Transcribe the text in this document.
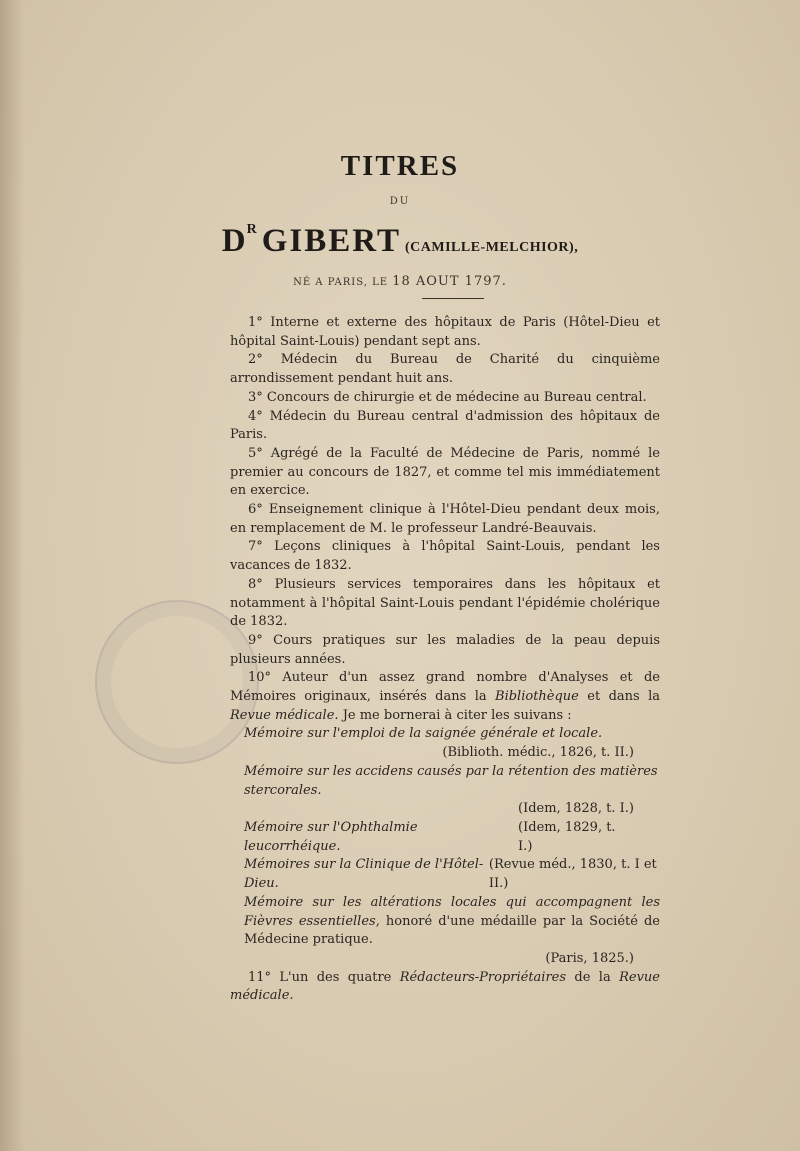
TITRES
DU
$D^R$ GIBERT (CAMILLE-MELCHIOR),
NÉ A PARIS, LE 18 AOUT 1797.

1° Interne et externe des hôpitaux de Paris (Hôtel-Dieu et hôpital Saint-Louis) pendant sept ans.

2° Médecin du Bureau de Charité du cinquième arrondissement pendant huit ans.

3° Concours de chirurgie et de médecine au Bureau central.

4° Médecin du Bureau central d'admission des hôpitaux de Paris.

5° Agrégé de la Faculté de Médecine de Paris, nommé le premier au concours de 1827, et comme tel mis immédiatement en exercice.

6° Enseignement clinique à l'Hôtel-Dieu pendant deux mois, en remplacement de M. le professeur Landré-Beauvais.

7° Leçons cliniques à l'hôpital Saint-Louis, pendant les vacances de 1832.

8° Plusieurs services temporaires dans les hôpitaux et notamment à l'hôpital Saint-Louis pendant l'épidémie cholérique de 1832.

9° Cours pratiques sur les maladies de la peau depuis plusieurs années.

10° Auteur d'un assez grand nombre d'Analyses et de Mémoires originaux, insérés dans la Bibliothèque et dans la Revue médicale. Je me bornerai à citer les suivans :

Mémoire sur l'emploi de la saignée générale et locale.

(Biblioth. médic., 1826, t. II.)

Mémoire sur les accidens causés par la rétention des matières stercorales.

(Idem, 1828, t. I.)

Mémoire sur l'Ophthalmie leucorrhéique.
(Idem, 1829, t. I.)

Mémoires sur la Clinique de l'Hôtel-Dieu.
(Revue méd., 1830, t. I et II.)

Mémoire sur les altérations locales qui accompagnent les Fièvres essentielles, honoré d'une médaille par la Société de Médecine pratique.

(Paris, 1825.)

11° L'un des quatre Rédacteurs-Propriétaires de la Revue médicale.
